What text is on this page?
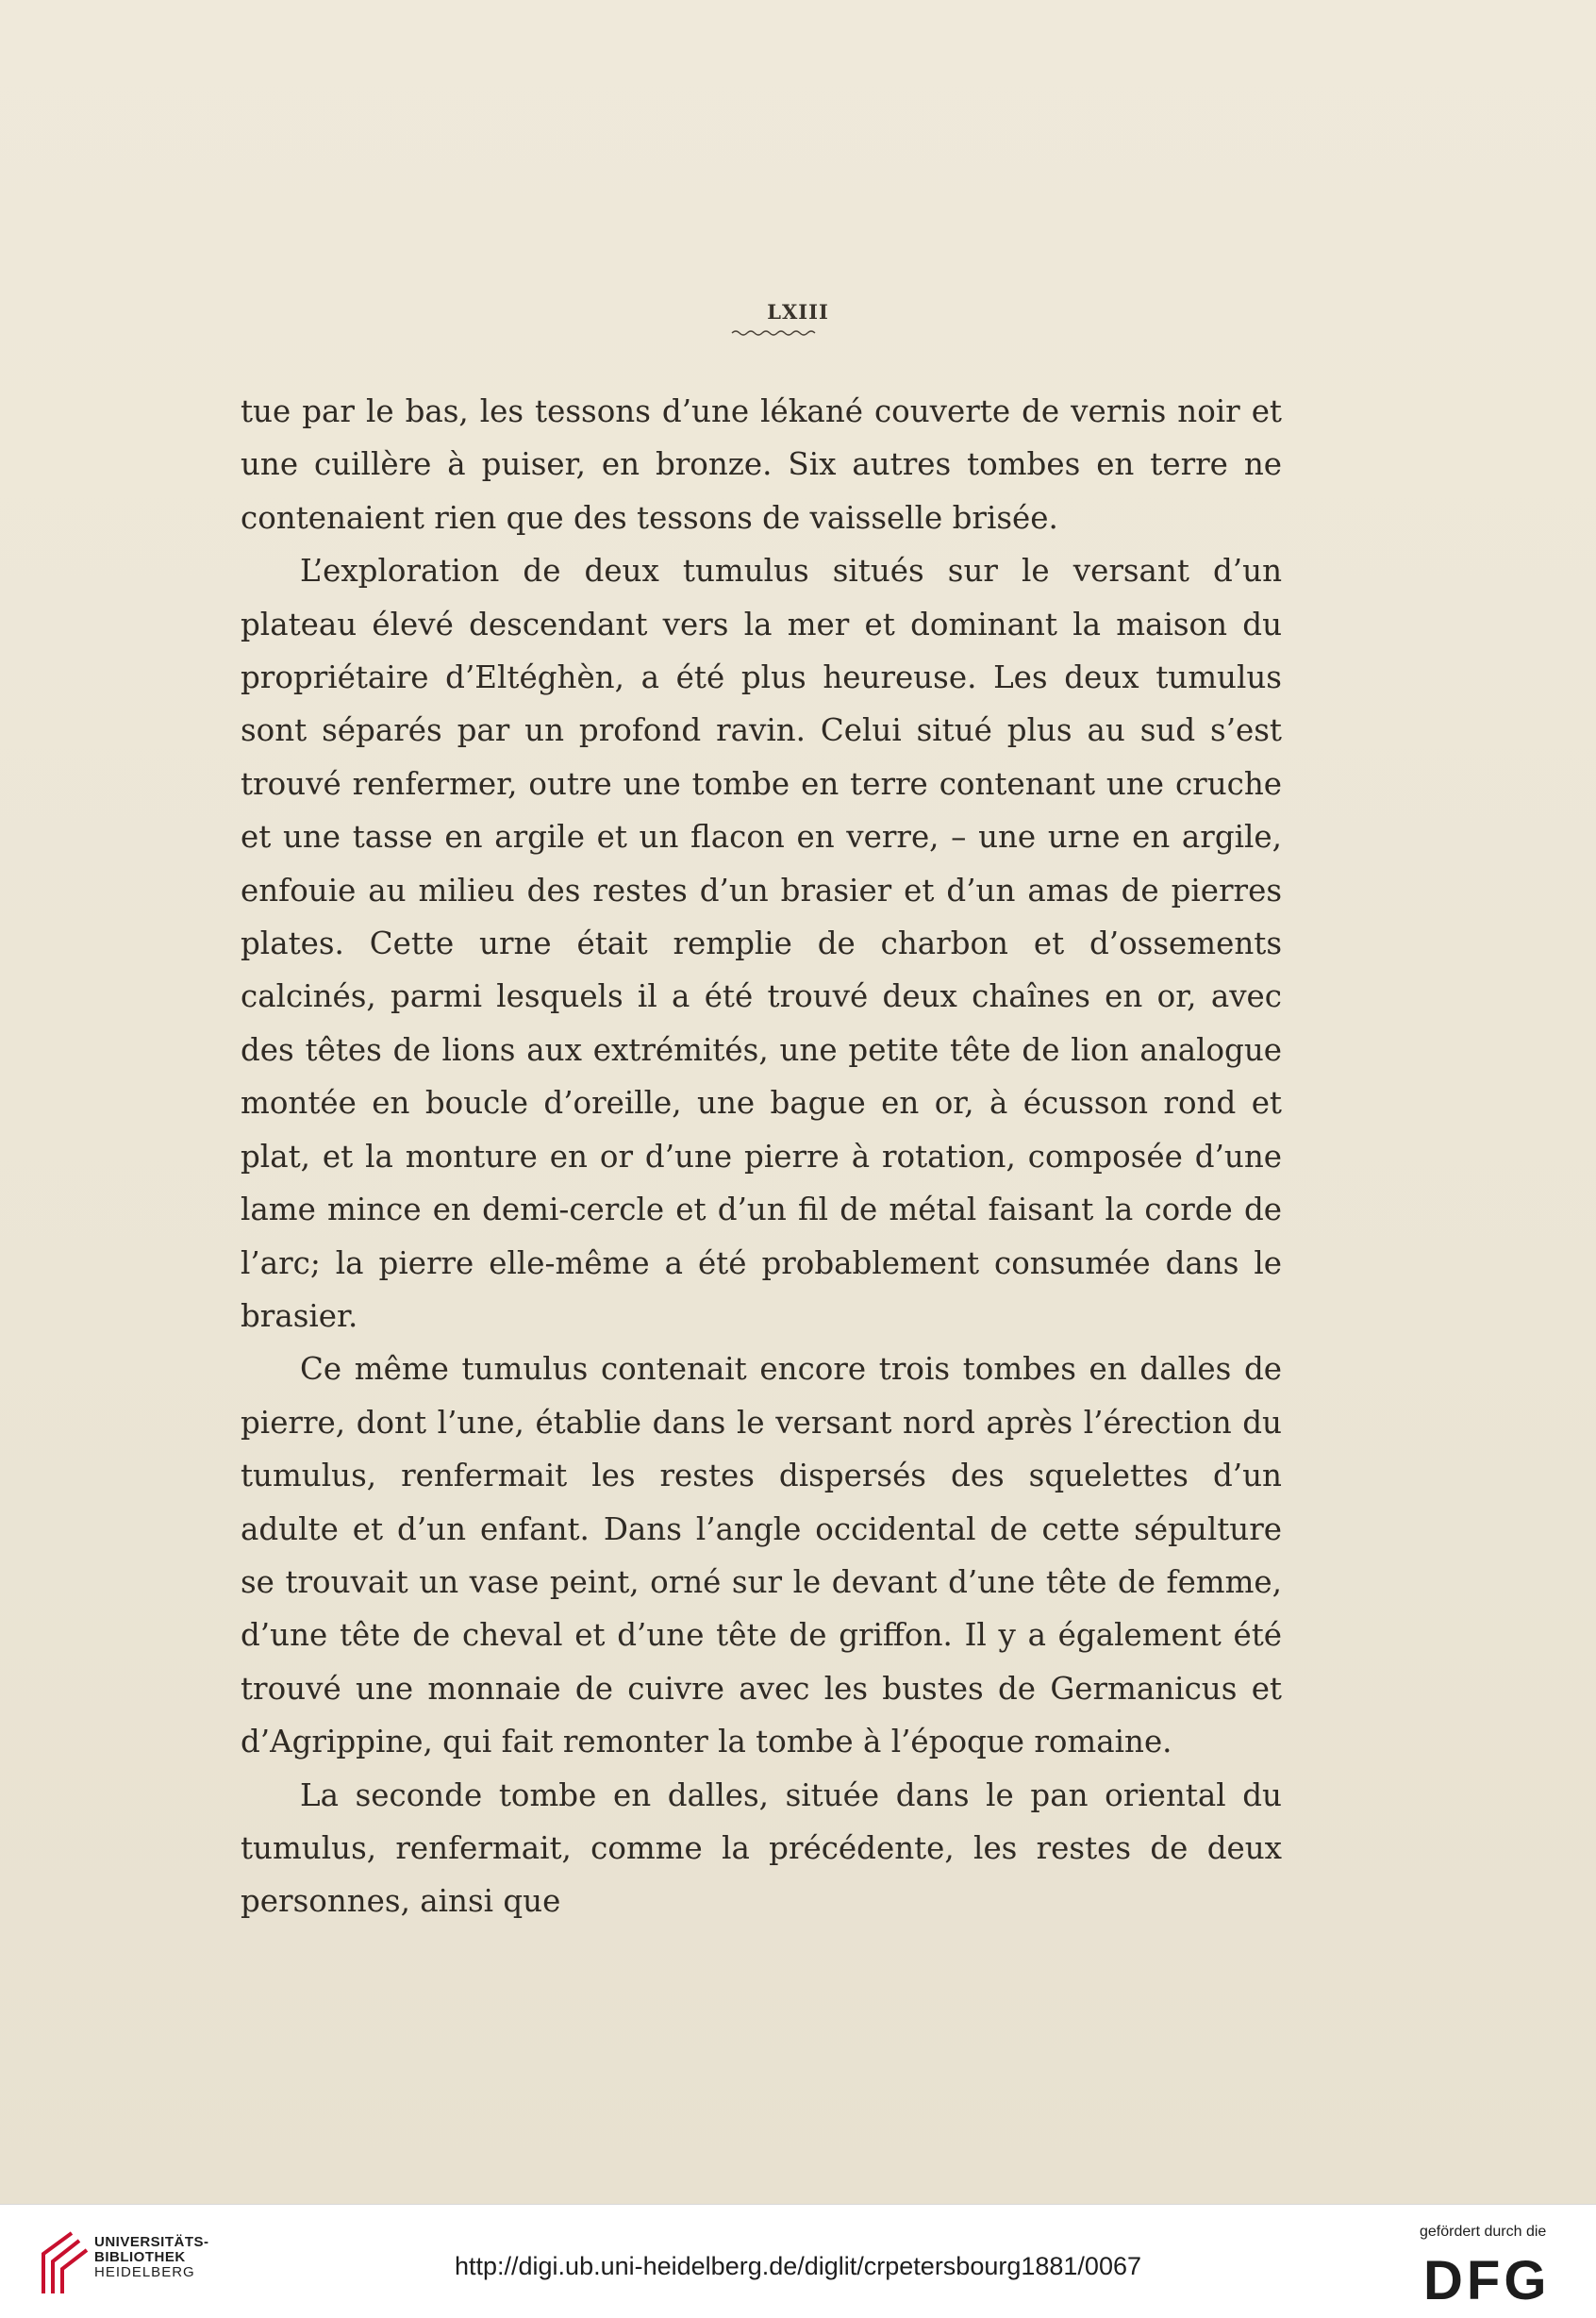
LXIII

tue par le bas, les tessons d’une lékané couverte de vernis noir et une cuillère à puiser, en bronze. Six autres tombes en terre ne contenaient rien que des tessons de vaisselle brisée.

L’exploration de deux tumulus situés sur le versant d’un plateau élevé descendant vers la mer et dominant la maison du propriétaire d’Eltéghèn, a été plus heureuse. Les deux tumulus sont séparés par un profond ravin. Celui situé plus au sud s’est trouvé renfermer, outre une tombe en terre contenant une cruche et une tasse en argile et un flacon en verre, – une urne en argile, enfouie au milieu des restes d’un brasier et d’un amas de pierres plates. Cette urne était remplie de charbon et d’ossements calcinés, parmi lesquels il a été trouvé deux chaînes en or, avec des têtes de lions aux extrémités, une petite tête de lion analogue montée en boucle d’oreille, une bague en or, à écusson rond et plat, et la monture en or d’une pierre à rotation, composée d’une lame mince en demi-cercle et d’un fil de métal faisant la corde de l’arc; la pierre elle-même a été probablement consumée dans le brasier.

Ce même tumulus contenait encore trois tombes en dalles de pierre, dont l’une, établie dans le versant nord après l’érection du tumulus, renfermait les restes dispersés des squelettes d’un adulte et d’un enfant. Dans l’angle occidental de cette sépulture se trouvait un vase peint, orné sur le devant d’une tête de femme, d’une tête de cheval et d’une tête de griffon. Il y a également été trouvé une monnaie de cuivre avec les bustes de Germanicus et d’Agrippine, qui fait remonter la tombe à l’époque romaine.

La seconde tombe en dalles, située dans le pan oriental du tumulus, renfermait, comme la précédente, les restes de deux personnes, ainsi que

UNIVERSITÄTS-
BIBLIOTHEK
HEIDELBERG	http://digi.ub.uni-heidelberg.de/diglit/crpetersbourg1881/0067
gefördert durch die
DFG
